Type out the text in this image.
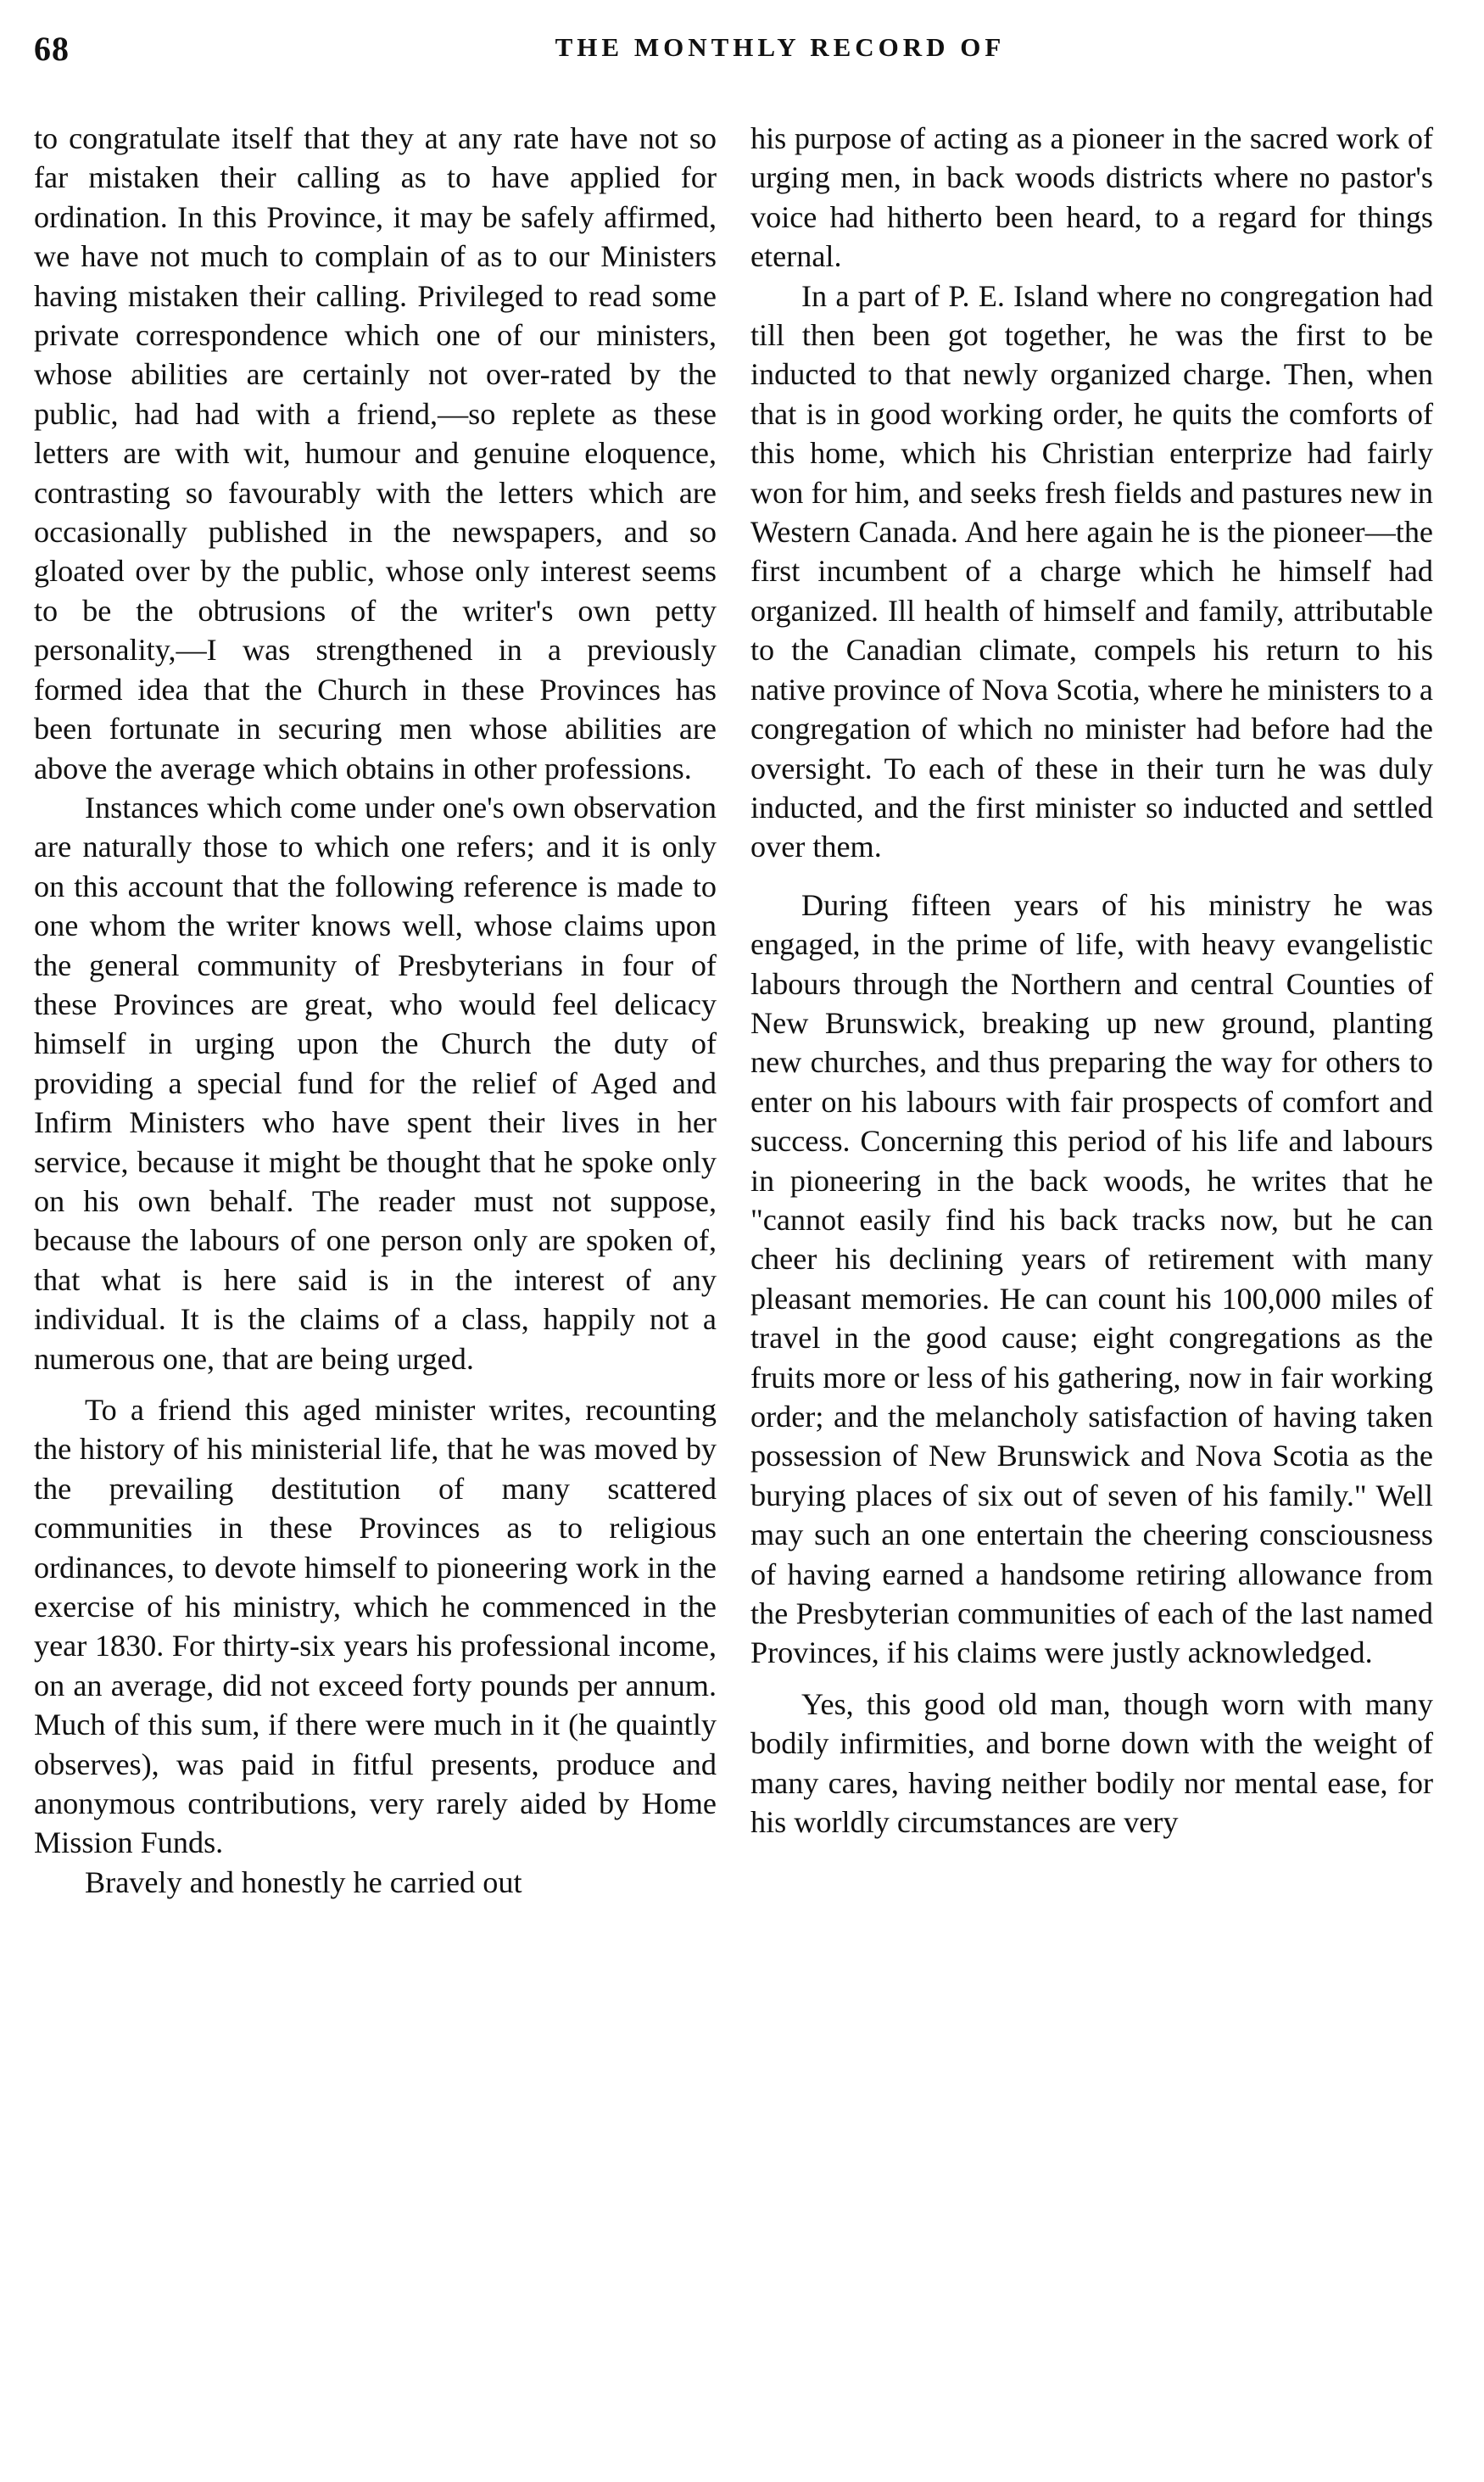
68	THE MONTHLY RECORD OF

to congratulate itself that they at any rate have not so far mistaken their calling as to have applied for ordination. In this Province, it may be safely affirmed, we have not much to complain of as to our Ministers having mistaken their calling. Privileged to read some private correspondence which one of our ministers, whose abilities are certainly not over-rated by the public, had had with a friend,—so replete as these letters are with wit, humour and genuine eloquence, contrasting so favourably with the letters which are occasionally published in the newspapers, and so gloated over by the public, whose only interest seems to be the obtrusions of the writer's own petty personality,—I was strengthened in a previously formed idea that the Church in these Provinces has been fortunate in securing men whose abilities are above the average which obtains in other professions.

Instances which come under one's own observation are naturally those to which one refers; and it is only on this account that the following reference is made to one whom the writer knows well, whose claims upon the general community of Presbyterians in four of these Provinces are great, who would feel delicacy himself in urging upon the Church the duty of providing a special fund for the relief of Aged and Infirm Ministers who have spent their lives in her service, because it might be thought that he spoke only on his own behalf. The reader must not suppose, because the labours of one person only are spoken of, that what is here said is in the interest of any individual. It is the claims of a class, happily not a numerous one, that are being urged.

To a friend this aged minister writes, recounting the history of his ministerial life, that he was moved by the prevailing destitution of many scattered communities in these Provinces as to religious ordinances, to devote himself to pioneering work in the exercise of his ministry, which he commenced in the year 1830. For thirty-six years his professional income, on an average, did not exceed forty pounds per annum. Much of this sum, if there were much in it (he quaintly observes), was paid in fitful presents, produce and anonymous contributions, very rarely aided by Home Mission Funds.

Bravely and honestly he carried out

his purpose of acting as a pioneer in the sacred work of urging men, in back woods districts where no pastor's voice had hitherto been heard, to a regard for things eternal.

In a part of P. E. Island where no congregation had till then been got together, he was the first to be inducted to that newly organized charge. Then, when that is in good working order, he quits the comforts of this home, which his Christian enterprize had fairly won for him, and seeks fresh fields and pastures new in Western Canada. And here again he is the pioneer—the first incumbent of a charge which he himself had organized. Ill health of himself and family, attributable to the Canadian climate, compels his return to his native province of Nova Scotia, where he ministers to a congregation of which no minister had before had the oversight. To each of these in their turn he was duly inducted, and the first minister so inducted and settled over them.

During fifteen years of his ministry he was engaged, in the prime of life, with heavy evangelistic labours through the Northern and central Counties of New Brunswick, breaking up new ground, planting new churches, and thus preparing the way for others to enter on his labours with fair prospects of comfort and success. Concerning this period of his life and labours in pioneering in the back woods, he writes that he "cannot easily find his back tracks now, but he can cheer his declining years of retirement with many pleasant memories. He can count his 100,000 miles of travel in the good cause; eight congregations as the fruits more or less of his gathering, now in fair working order; and the melancholy satisfaction of having taken possession of New Brunswick and Nova Scotia as the burying places of six out of seven of his family." Well may such an one entertain the cheering consciousness of having earned a handsome retiring allowance from the Presbyterian communities of each of the last named Provinces, if his claims were justly acknowledged.

Yes, this good old man, though worn with many bodily infirmities, and borne down with the weight of many cares, having neither bodily nor mental ease, for his worldly circumstances are very
